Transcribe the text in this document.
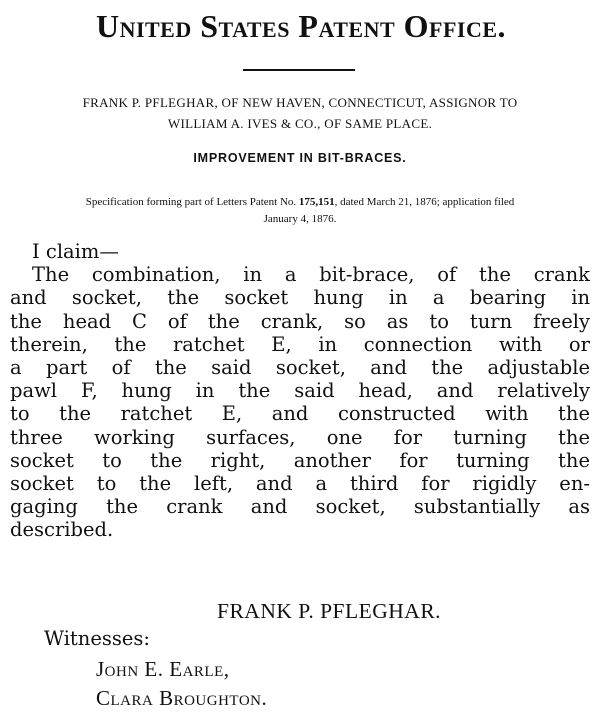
United States Patent Office.
FRANK P. PFLEGHAR, OF NEW HAVEN, CONNECTICUT, ASSIGNOR TO
WILLIAM A. IVES & CO., OF SAME PLACE.
IMPROVEMENT IN BIT-BRACES.
Specification forming part of Letters Patent No. 175,151, dated March 21, 1876; application filed
January 4, 1876.
I claim—
The combination, in a bit-brace, of the crank
and socket, the socket hung in a bearing in
the head C of the crank, so as to turn freely
therein, the ratchet E, in connection with or
a part of the said socket, and the adjustable
pawl F, hung in the said head, and relatively
to the ratchet E, and constructed with the
three working surfaces, one for turning the
socket to the right, another for turning the
socket to the left, and a third for rigidly en-
gaging the crank and socket, substantially as
described.
FRANK P. PFLEGHAR.
Witnesses:
John E. Earle,
Clara Broughton.
